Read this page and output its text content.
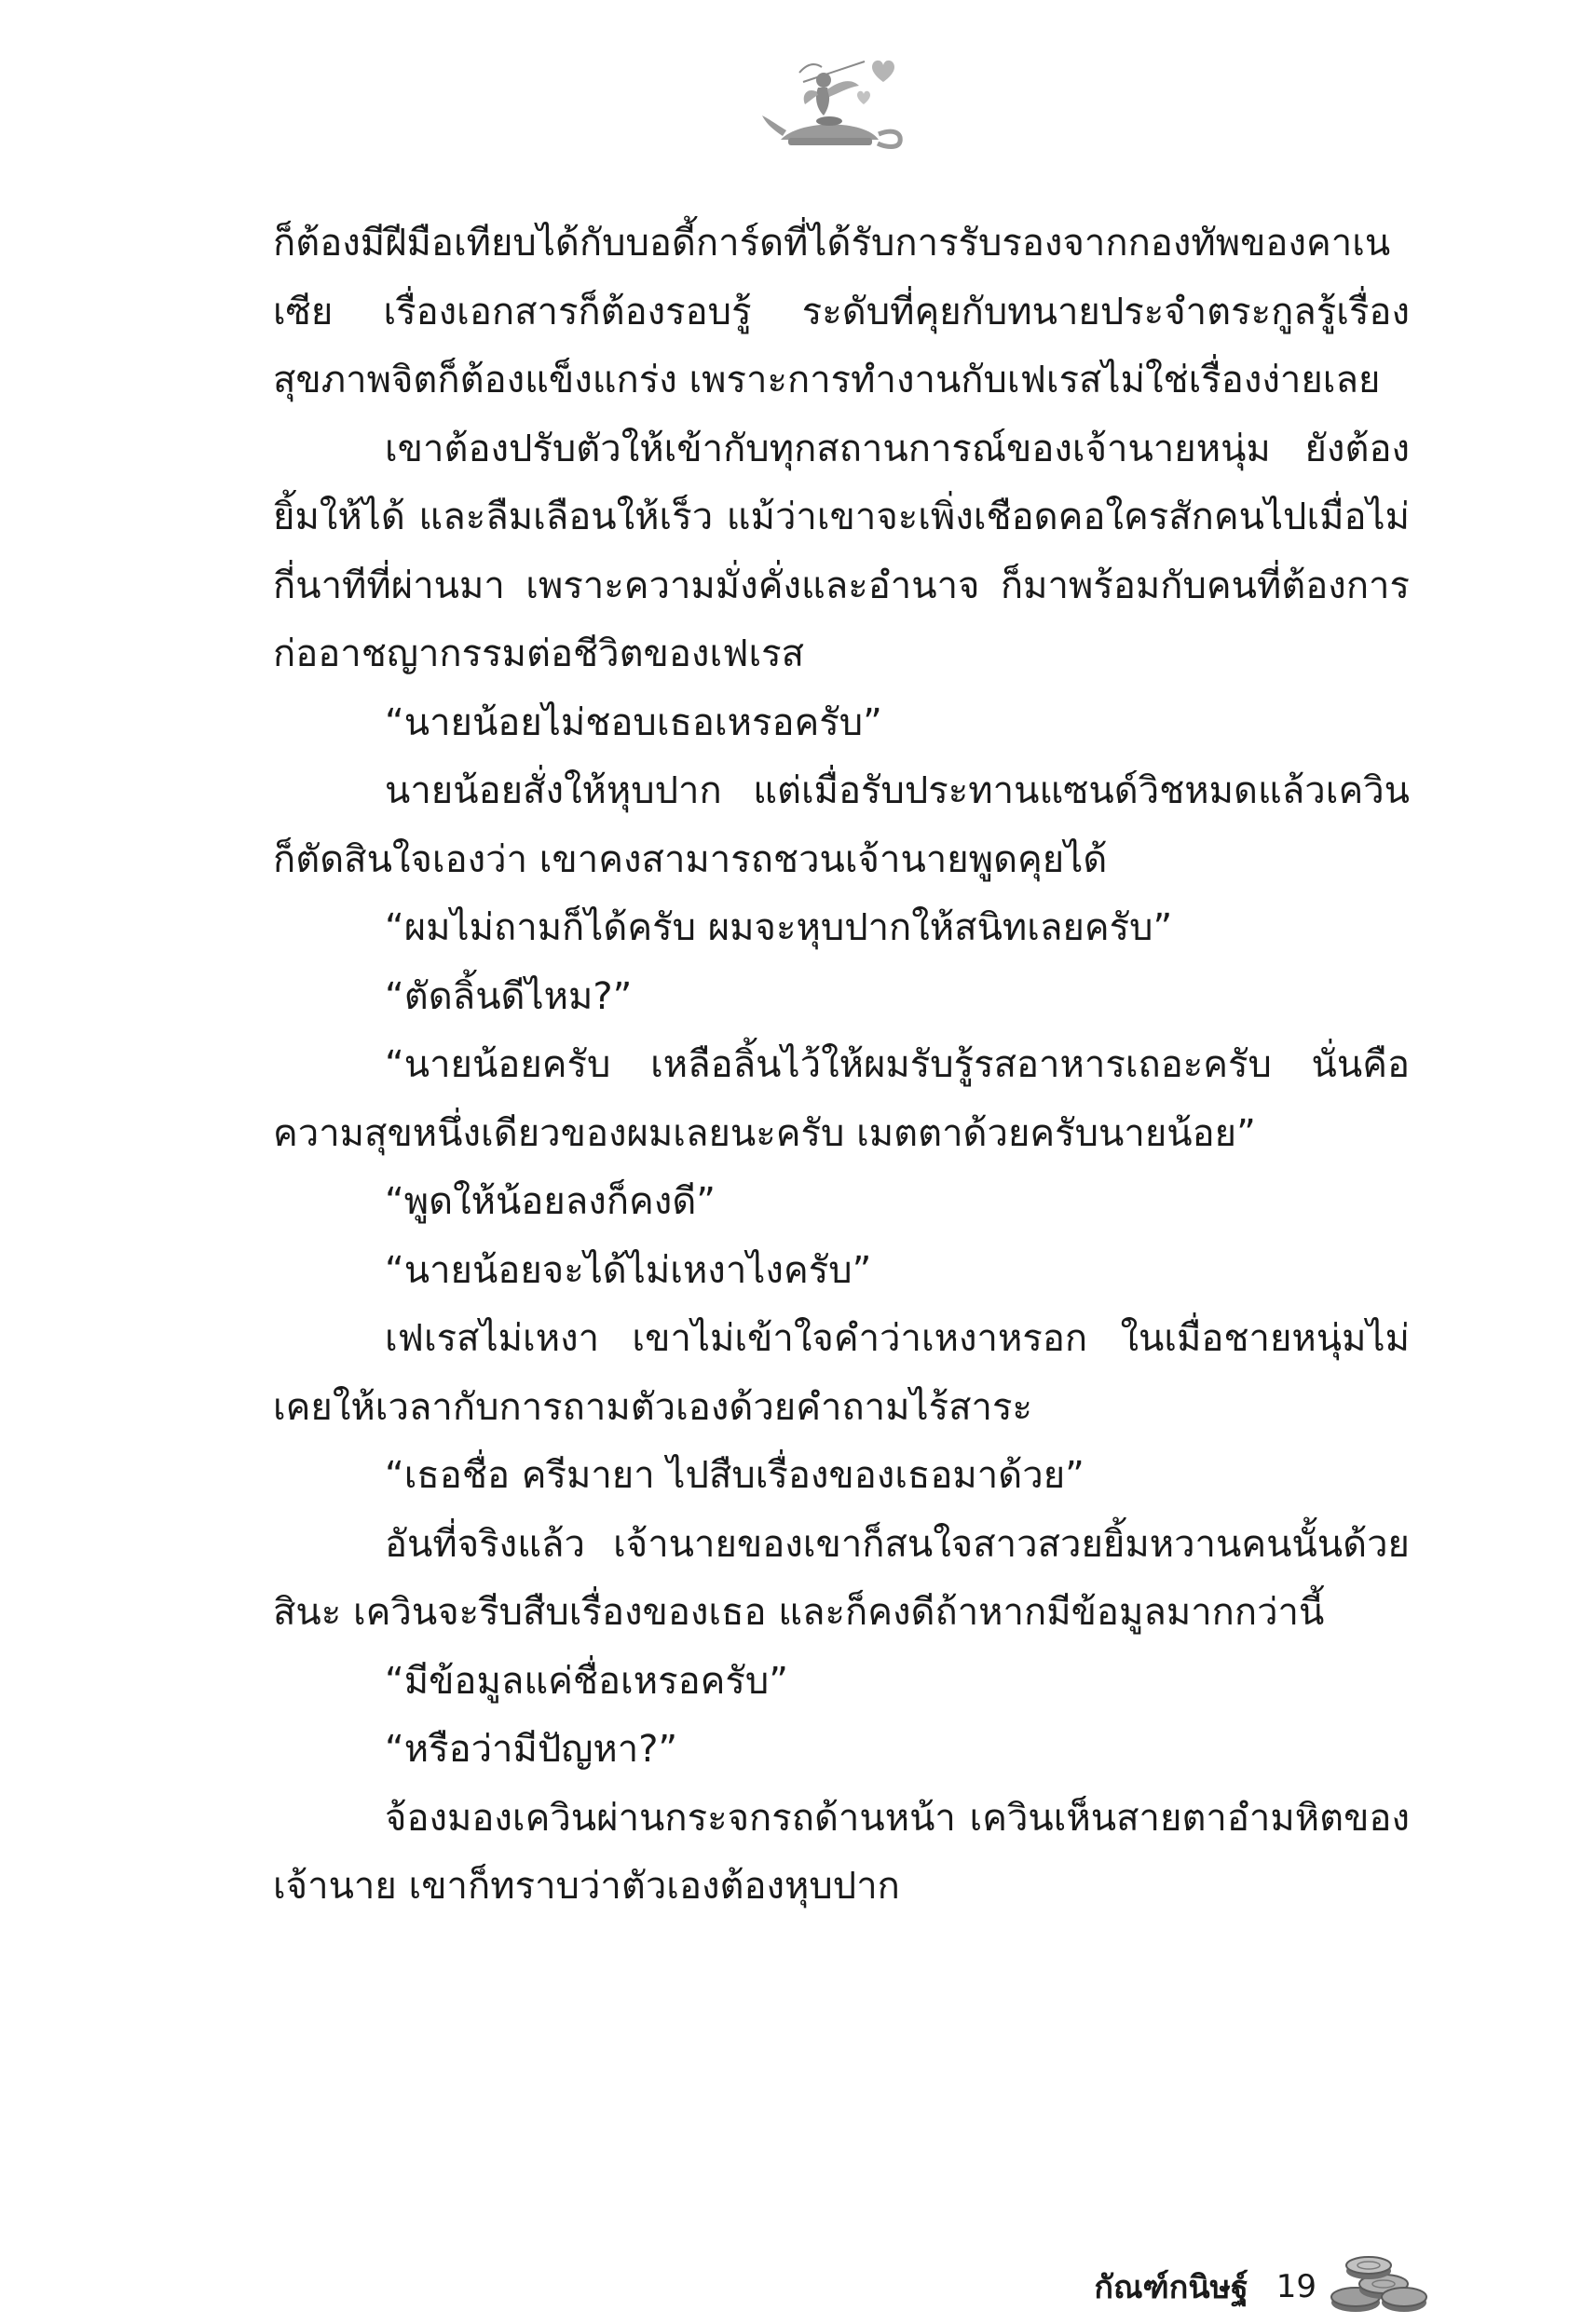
ก็ต้องมีฝีมือเทียบได้กับบอดี้การ์ดที่ได้รับการรับรองจากกองทัพของคาเนเซีย เรื่องเอกสารก็ต้องรอบรู้ ระดับที่คุยกับทนายประจำตระกูลรู้เรื่อง สุขภาพจิตก็ต้องแข็งแกร่ง เพราะการทำงานกับเฟเรสไม่ใช่เรื่องง่ายเลย

เขาต้องปรับตัวให้เข้ากับทุกสถานการณ์ของเจ้านายหนุ่ม ยังต้องยิ้มให้ได้ และลืมเลือนให้เร็ว แม้ว่าเขาจะเพิ่งเชือดคอใครสักคนไปเมื่อไม่กี่นาทีที่ผ่านมา เพราะความมั่งคั่งและอำนาจ ก็มาพร้อมกับคนที่ต้องการก่ออาชญากรรมต่อชีวิตของเฟเรส

“นายน้อยไม่ชอบเธอเหรอครับ”

นายน้อยสั่งให้หุบปาก แต่เมื่อรับประทานแซนด์วิชหมดแล้วเควินก็ตัดสินใจเองว่า เขาคงสามารถชวนเจ้านายพูดคุยได้

“ผมไม่ถามก็ได้ครับ ผมจะหุบปากให้สนิทเลยครับ”

“ตัดลิ้นดีไหม?”

“นายน้อยครับ เหลือลิ้นไว้ให้ผมรับรู้รสอาหารเถอะครับ นั่นคือความสุขหนึ่งเดียวของผมเลยนะครับ เมตตาด้วยครับนายน้อย”

“พูดให้น้อยลงก็คงดี”

“นายน้อยจะได้ไม่เหงาไงครับ”

เฟเรสไม่เหงา เขาไม่เข้าใจคำว่าเหงาหรอก ในเมื่อชายหนุ่มไม่เคยให้เวลากับการถามตัวเองด้วยคำถามไร้สาระ

“เธอชื่อ ครีมายา ไปสืบเรื่องของเธอมาด้วย”

อันที่จริงแล้ว เจ้านายของเขาก็สนใจสาวสวยยิ้มหวานคนนั้นด้วยสินะ เควินจะรีบสืบเรื่องของเธอ และก็คงดีถ้าหากมีข้อมูลมากกว่านี้

“มีข้อมูลแค่ชื่อเหรอครับ”

“หรือว่ามีปัญหา?”

จ้องมองเควินผ่านกระจกรถด้านหน้า เควินเห็นสายตาอำมหิตของเจ้านาย เขาก็ทราบว่าตัวเองต้องหุบปาก

กัณฑ์กนิษฐ์ 19
